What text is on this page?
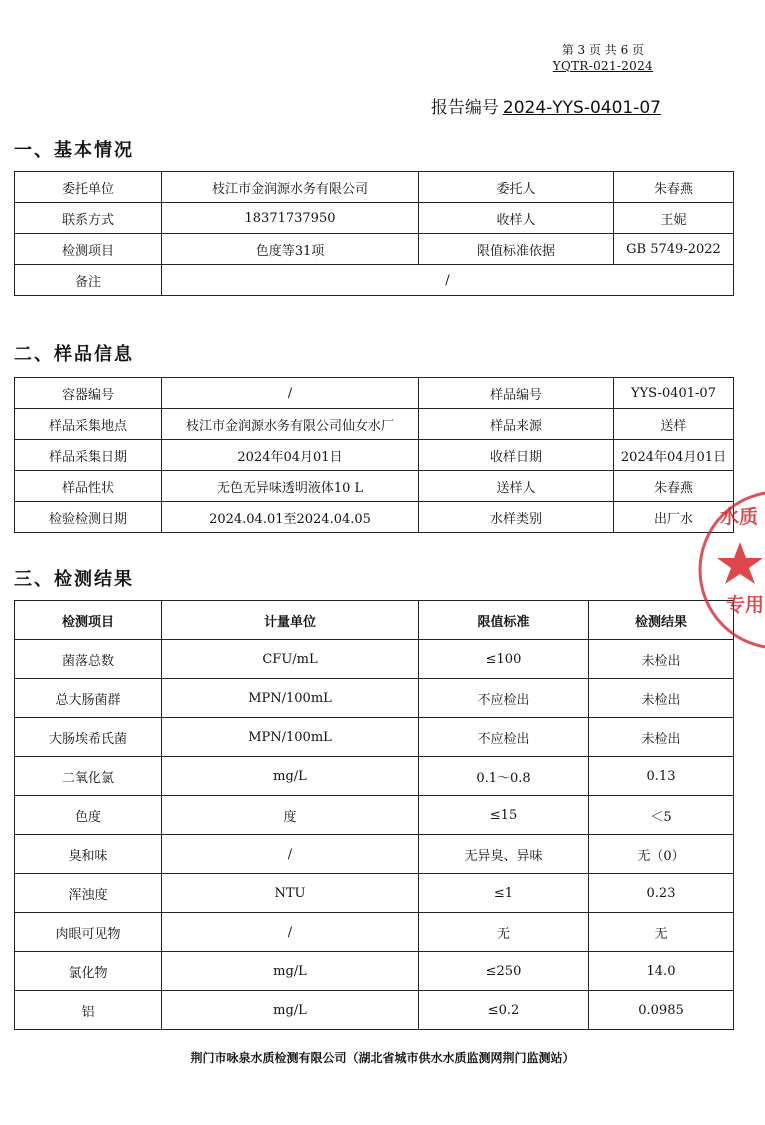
第 3 页 共 6 页
YQTR-021-2024
报告编号 2024-YYS-0401-07
一、基本情况
委托单位	枝江市金润源水务有限公司	委托人	朱春燕
联系方式	18371737950	收样人	王妮
检测项目	色度等31项	限值标准依据	GB 5749-2022
备注	/		
二、样品信息
容器编号	/	样品编号	YYS-0401-07
样品采集地点	枝江市金润源水务有限公司仙女水厂	样品来源	送样
样品采集日期	2024年04月01日	收样日期	2024年04月01日
样品性状	无色无异味透明液体10 L	送样人	朱春燕
检验检测日期	2024.04.01至2024.04.05	水样类别	出厂水
三、检测结果
检测项目	计量单位	限值标准	检测结果
菌落总数	CFU/mL	≤100	未检出
总大肠菌群	MPN/100mL	不应检出	未检出
大肠埃希氏菌	MPN/100mL	不应检出	未检出
二氧化氯	mg/L	0.1～0.8	0.13
色度	度	≤15	＜5
臭和味	/	无异臭、异味	无（0）
浑浊度	NTU	≤1	0.23
肉眼可见物	/	无	无
氯化物	mg/L	≤250	14.0
铝	mg/L	≤0.2	0.0985
荆门市咏泉水质检测有限公司（湖北省城市供水水质监测网荆门监测站）
水质
专用
